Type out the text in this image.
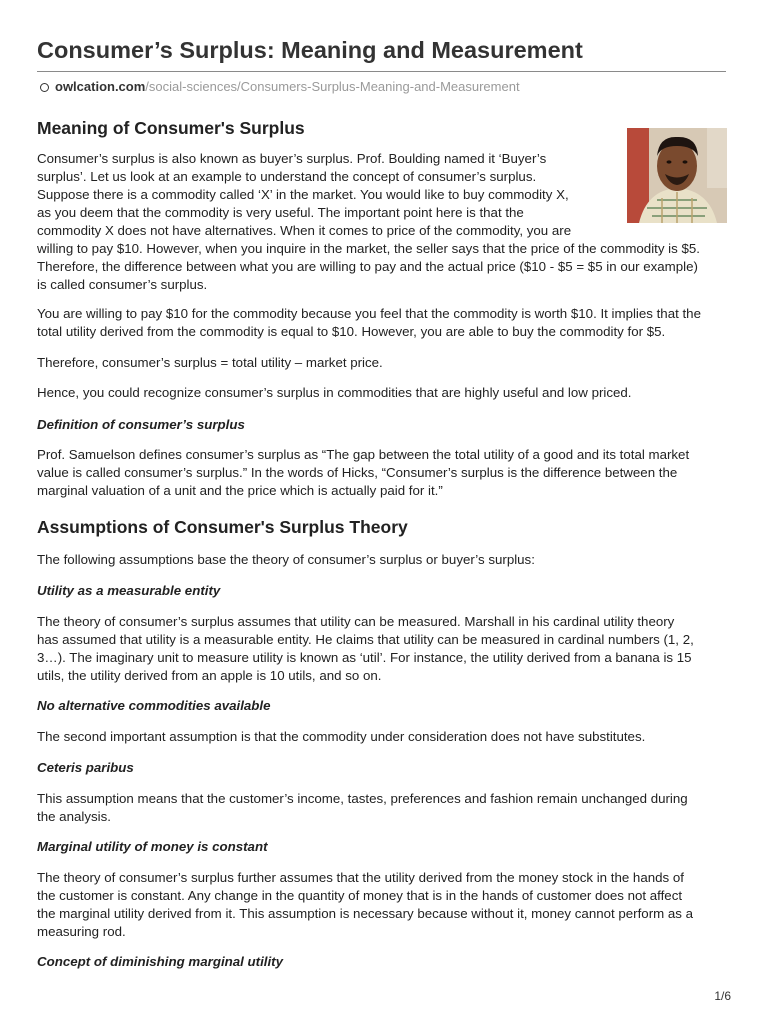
Consumer’s Surplus: Meaning and Measurement
owlcation.com /social-sciences/Consumers-Surplus-Meaning-and-Measurement
Meaning of Consumer's Surplus
Consumer’s surplus is also known as buyer’s surplus. Prof. Boulding named it ‘Buyer’s
surplus’. Let us look at an example to understand the concept of consumer’s surplus.
Suppose there is a commodity called ‘X’ in the market. You would like to buy commodity X,
as you deem that the commodity is very useful. The important point here is that the
commodity X does not have alternatives. When it comes to price of the commodity, you are
willing to pay $10. However, when you inquire in the market, the seller says that the price of the commodity is $5.
Therefore, the difference between what you are willing to pay and the actual price ($10 - $5 = $5 in our example)
is called consumer’s surplus.
You are willing to pay $10 for the commodity because you feel that the commodity is worth $10. It implies that the
total utility derived from the commodity is equal to $10. However, you are able to buy the commodity for $5.

Therefore, consumer’s surplus = total utility – market price.

Hence, you could recognize consumer’s surplus in commodities that are highly useful and low priced.

Definition of consumer’s surplus

Prof. Samuelson defines consumer’s surplus as “The gap between the total utility of a good and its total market
value is called consumer’s surplus.” In the words of Hicks, “Consumer’s surplus is the difference between the
marginal valuation of a unit and the price which is actually paid for it.”
Assumptions of Consumer's Surplus Theory

The following assumptions base the theory of consumer’s surplus or buyer’s surplus:

Utility as a measurable entity

The theory of consumer’s surplus assumes that utility can be measured. Marshall in his cardinal utility theory
has assumed that utility is a measurable entity. He claims that utility can be measured in cardinal numbers (1, 2,
3…). The imaginary unit to measure utility is known as ‘util’. For instance, the utility derived from a banana is 15
utils, the utility derived from an apple is 10 utils, and so on.

No alternative commodities available

The second important assumption is that the commodity under consideration does not have substitutes.

Ceteris paribus

This assumption means that the customer’s income, tastes, preferences and fashion remain unchanged during
the analysis.

Marginal utility of money is constant

The theory of consumer’s surplus further assumes that the utility derived from the money stock in the hands of
the customer is constant. Any change in the quantity of money that is in the hands of customer does not affect
the marginal utility derived from it. This assumption is necessary because without it, money cannot perform as a
measuring rod.

Concept of diminishing marginal utility

1/6
